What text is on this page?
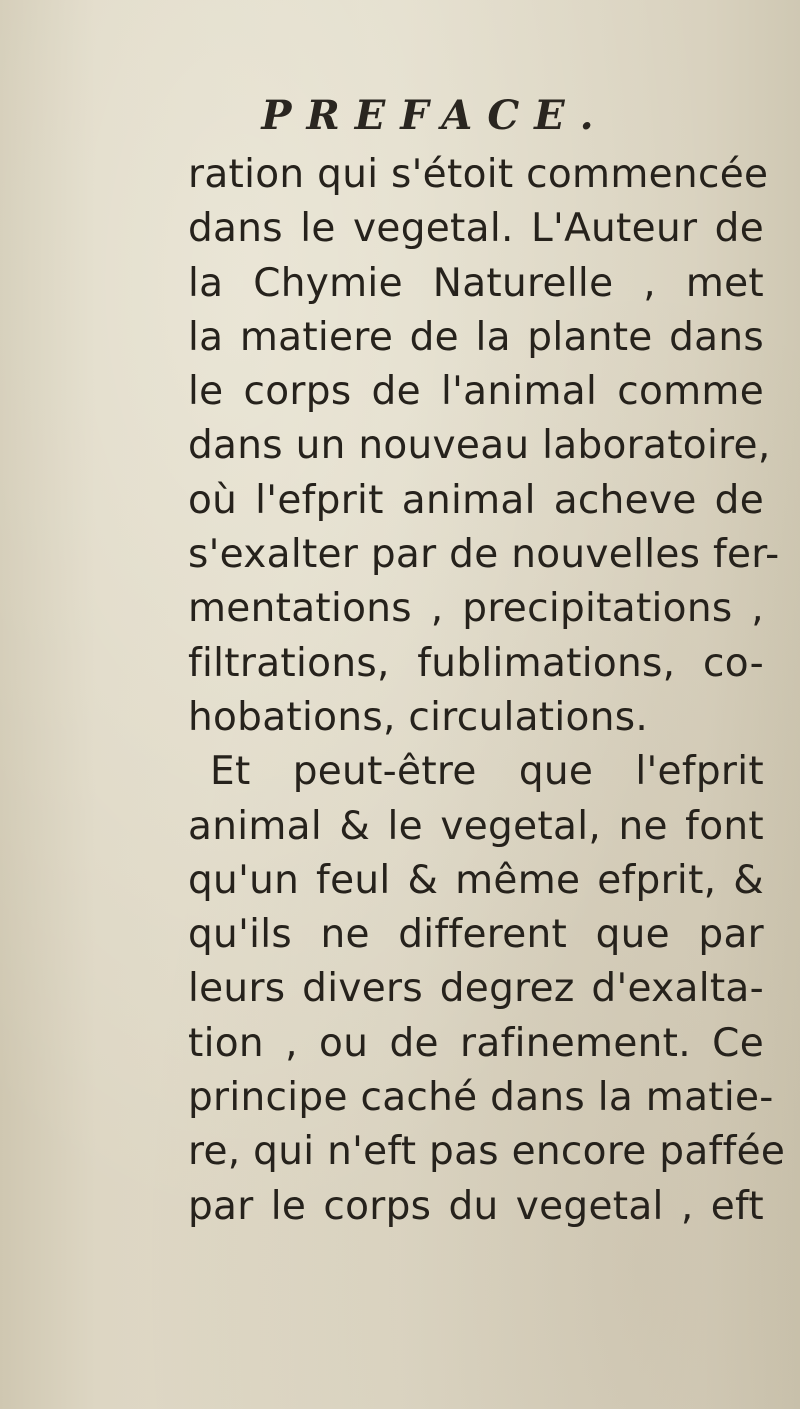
PREFACE.
ration qui s'étoit commencée
dans le vegetal. L'Auteur de
la Chymie Naturelle , met
la matiere de la plante dans
le corps de l'animal comme
dans un nouveau laboratoire,
où l'efprit animal acheve de
s'exalter par de nouvelles fer-
mentations , precipitations ,
filtrations, fublimations, co-
hobations, circulations.
Et peut-être que l'efprit
animal & le vegetal, ne font
qu'un feul & même efprit, &
qu'ils ne different que par
leurs divers degrez d'exalta-
tion , ou de rafinement. Ce
principe caché dans la matie-
re, qui n'eft pas encore paffée
par le corps du vegetal , eft
